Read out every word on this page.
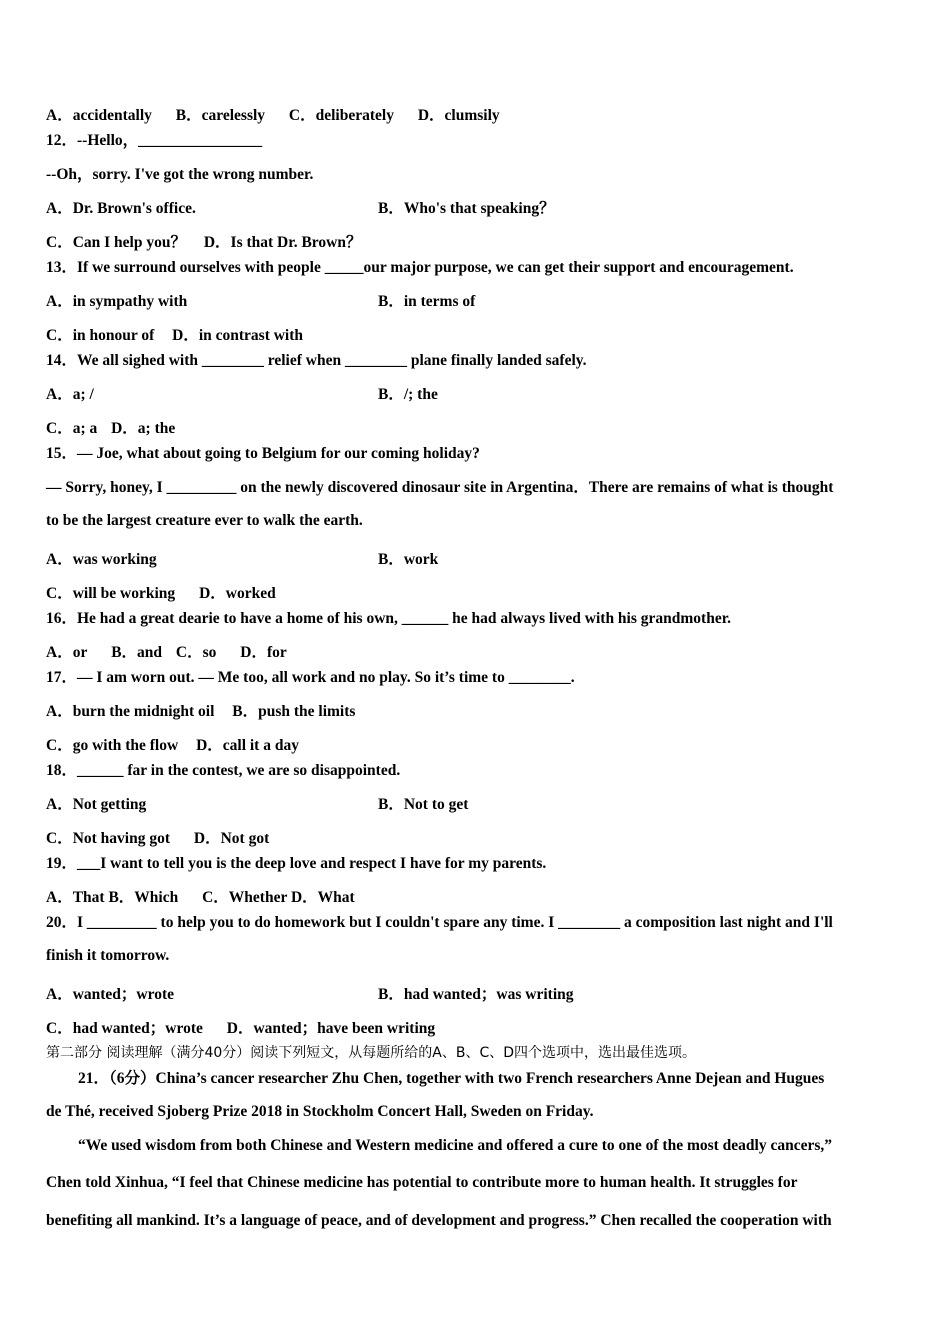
A．accidentally B．carelessly C．deliberately D．clumsily
12．--Hello，________________
--Oh，sorry. I've got the wrong number.
A．Dr. Brown's office.	B．Who's that speaking？
C．Can I help you？ D．Is that Dr. Brown？
13．If we surround ourselves with people _____our major purpose, we can get their support and encouragement.
A．in sympathy with	B．in terms of
C．in honour of D．in contrast with
14．We all sighed with ________ relief when ________ plane finally landed safely.
A．a; /	B．/; the
C．a; a D．a; the
15．— Joe, what about going to Belgium for our coming holiday?
— Sorry, honey, I _________ on the newly discovered dinosaur site in Argentina．There are remains of what is thought
to be the largest creature ever to walk the earth.
A．was working	B．work
C．will be working D．worked
16．He had a great dearie to have a home of his own, ______ he had always lived with his grandmother.
A．or B．and C．so D．for
17．— I am worn out. — Me too, all work and no play. So it’s time to ________.
A．burn the midnight oil B．push the limits
C．go with the flow D．call it a day
18．______ far in the contest, we are so disappointed.
A．Not getting	B．Not to get
C．Not having got D．Not got
19．___I want to tell you is the deep love and respect I have for my parents.
A．That B．Which C．Whether D．What
20．I _________ to help you to do homework but I couldn't spare any time. I ________ a composition last night and I'll
finish it tomorrow.
A．wanted；wrote	B．had wanted；was writing
C．had wanted；wrote D．wanted；have been writing
第二部分 阅读理解（满分40分）阅读下列短文，从每题所给的A、B、C、D四个选项中，选出最佳选项。
21．（6分）China’s cancer researcher Zhu Chen, together with two French researchers Anne Dejean and Hugues
de Thé, received Sjoberg Prize 2018 in Stockholm Concert Hall, Sweden on Friday.
“We used wisdom from both Chinese and Western medicine and offered a cure to one of the most deadly cancers,”
Chen told Xinhua, “I feel that Chinese medicine has potential to contribute more to human health. It struggles for
benefiting all mankind. It’s a language of peace, and of development and progress.” Chen recalled the cooperation with
